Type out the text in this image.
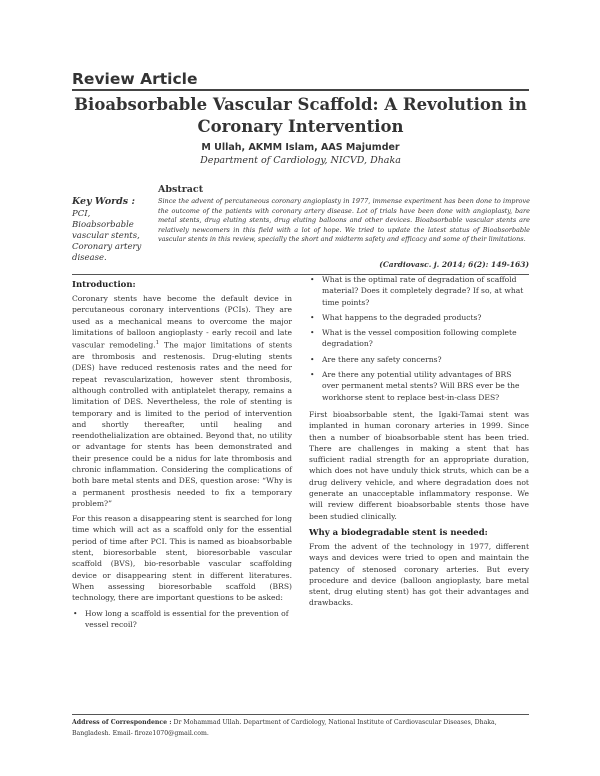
Review Article
Bioabsorbable Vascular Scaffold: A Revolution in Coronary Intervention
M Ullah, AKMM Islam, AAS Majumder
Department of Cardiology, NICVD, Dhaka
Abstract
Key Words :
PCI, Bioabsorbable vascular stents, Coronary artery disease.
Since the advent of percutaneous coronary angioplasty in 1977, immense experiment has been done to improve the outcome of the patients with coronary artery disease. Lot of trials have been done with angioplasty, bare metal stents, drug eluting stents, drug eluting balloons and other devices. Bioabsorbable vascular stents are relatively newcomers in this field with a lot of hope. We tried to update the latest status of Bioabsorbable vascular stents in this review, specially the short and midterm safety and efficacy and some of their limitations.
(Cardiovasc. j. 2014; 6(2): 149-163)
Introduction:

Coronary stents have become the default device in percutaneous coronary interventions (PCIs). They are used as a mechanical means to overcome the major limitations of balloon angioplasty - early recoil and late vascular remodeling.$^1$ The major limitations of stents are thrombosis and restenosis. Drug-eluting stents (DES) have reduced restenosis rates and the need for repeat revascularization, however stent thrombosis, although controlled with antiplatelet therapy, remains a limitation of DES. Nevertheless, the role of stenting is temporary and is limited to the period of intervention and shortly thereafter, until healing and reendothelialization are obtained. Beyond that, no utility or advantage for stents has been demonstrated and their presence could be a nidus for late thrombosis and chronic inflammation. Considering the complications of both bare metal stents and DES, question arose: “Why is a permanent prosthesis needed to fix a temporary problem?”

For this reason a disappearing stent is searched for long time which will act as a scaffold only for the essential period of time after PCI. This is named as bioabsorbable stent, bioresorbable stent, bioresorbable vascular scaffold (BVS), bio-resorbable vascular scaffolding device or disappearing stent in different literatures. When assessing bioresorbable scaffold (BRS) technology, there are important questions to be asked:

• How long a scaffold is essential for the prevention of vessel recoil?
• What is the optimal rate of degradation of scaffold material? Does it completely degrade? If so, at what time points?
• What happens to the degraded products?
• What is the vessel composition following complete degradation?
• Are there any safety concerns?
• Are there any potential utility advantages of BRS over permanent metal stents? Will BRS ever be the workhorse stent to replace best-in-class DES?

First bioabsorbable stent, the Igaki-Tamai stent was implanted in human coronary arteries in 1999. Since then a number of bioabsorbable stent has been tried. There are challenges in making a stent that has sufficient radial strength for an appropriate duration, which does not have unduly thick struts, which can be a drug delivery vehicle, and where degradation does not generate an unacceptable inflammatory response. We will review different bioabsorbable stents those have been studied clinically.

Why a biodegradable stent is needed:

From the advent of the technology in 1977, different ways and devices were tried to open and maintain the patency of stenosed coronary arteries. But every procedure and device (balloon angioplasty, bare metal stent, drug eluting stent) has got their advantages and drawbacks.

Address of Correspondence : Dr Mohammad Ullah. Department of Cardiology, National Institute of Cardiovascular Diseases, Dhaka, Bangladesh. Email- firoze1070@gmail.com.
